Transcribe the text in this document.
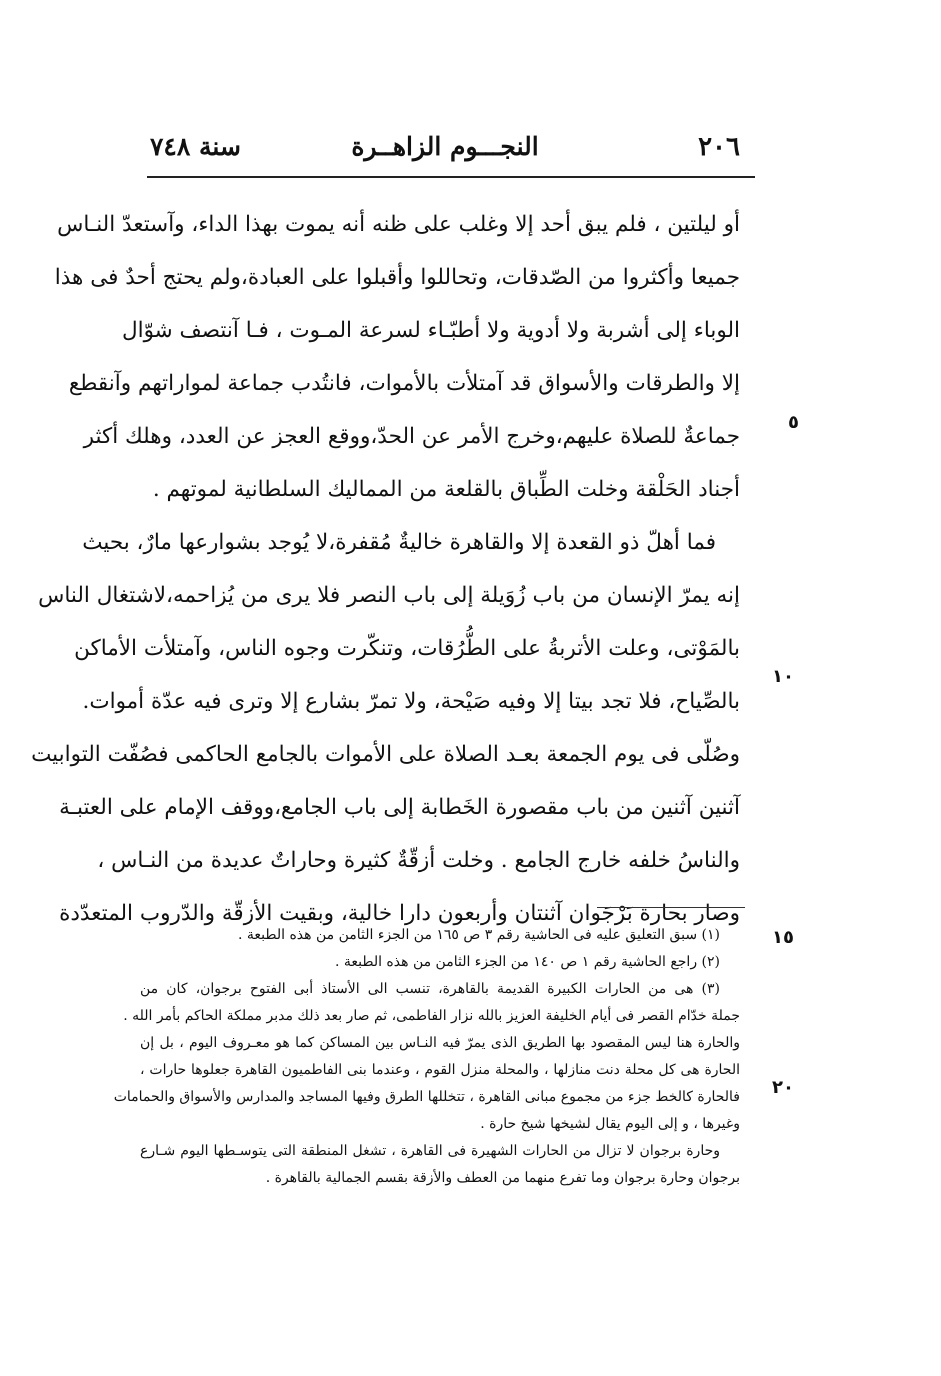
٢٠٦
النجـــوم الزاهــرة
سنة ٧٤٨
أو ليلتين ، فلم يبق أحد إلا وغلب على ظنه أنه يموت بهذا الداء، وآستعدّ النـاس
جميعا وأكثروا من الصّدقات، وتحاللوا وأقبلوا على العبادة،ولم يحتج أحدٌ فى هذا
الوباء إلى أشربة ولا أدوية ولا أطبّـاء لسرعة المـوت ، فـا آنتصف شوّال
إلا والطرقات والأسواق قد آمتلأت بالأموات، فانتُدب جماعة لمواراتهم وآنقطع
جماعةٌ للصلاة عليهم،وخرج الأمر عن الحدّ،ووقع العجز عن العدد، وهلك أكثر
أجناد الحَلْقة وخلت الطِّباق بالقلعة من المماليك السلطانية لموتهم .
فما أهلّ ذو القعدة إلا والقاهرة خاليةٌ مُقفرة،لا يُوجد بشوارعها مارٌ، بحيث
إنه يمرّ الإنسان من باب زُوَيلة إلى باب النصر فلا يرى من يُزاحمه،لاشتغال الناس
بالمَوْتى، وعلت الأتربةُ على الطُّرُقات، وتنكّرت وجوه الناس، وآمتلأت الأماكن
بالصِّياح، فلا تجد بيتا إلا وفيه صَيْحة، ولا تمرّ بشارع إلا وترى فيه عدّة أموات.
وصُلّى فى يوم الجمعة بعـد الصلاة على الأموات بالجامع الحاكمى فصُفّت التوابيت
آثنين آثنين من باب مقصورة الخَطابة إلى باب الجامع،ووقف الإمام على العتبـة
والناسُ خلفه خارج الجامع . وخلت أزقّةٌ كثيرة وحاراتٌ عديدة من النـاس ،
وصار بحارة بَرْجَوان آثنتان وأربعون دارا خالية، وبقيت الأزقّة والدّروب المتعدّدة
٥
١٠
(١) سبق التعليق عليه فى الحاشية رقم ٣ ص ١٦٥ من الجزء الثامن من هذه الطبعة .
(٢) راجع الحاشية رقم ١ ص ١٤٠ من الجزء الثامن من هذه الطبعة .
(٣) هى من الحارات الكبيرة القديمة بالقاهرة، تنسب الى الأستاذ أبى الفتوح برجوان، كان من
جملة خدّام القصر فى أيام الخليفة العزيز بالله نزار الفاطمى، ثم صار بعد ذلك مدبر مملكة الحاكم بأمر الله .
والحارة هنا ليس المقصود بها الطريق الذى يمرّ فيه النـاس بين المساكن كما هو معـروف اليوم ، بل إن
الحارة هى كل محلة دنت منازلها ، والمحلة منزل القوم ، وعندما بنى الفاطميون القاهرة جعلوها حارات ،
فالحارة كالخط جزء من مجموع مبانى القاهرة ، تتخللها الطرق وفيها المساجد والمدارس والأسواق والحمامات
وغيرها ، و إلى اليوم يقال لشيخها شيخ حارة .
وحارة برجوان لا تزال من الحارات الشهيرة فى القاهرة ، تشغل المنطقة التى يتوسـطها اليوم شـارع
برجوان وحارة برجوان وما تفرع منهما من العطف والأزقة بقسم الجمالية بالقاهرة .
١٥
٢٠
